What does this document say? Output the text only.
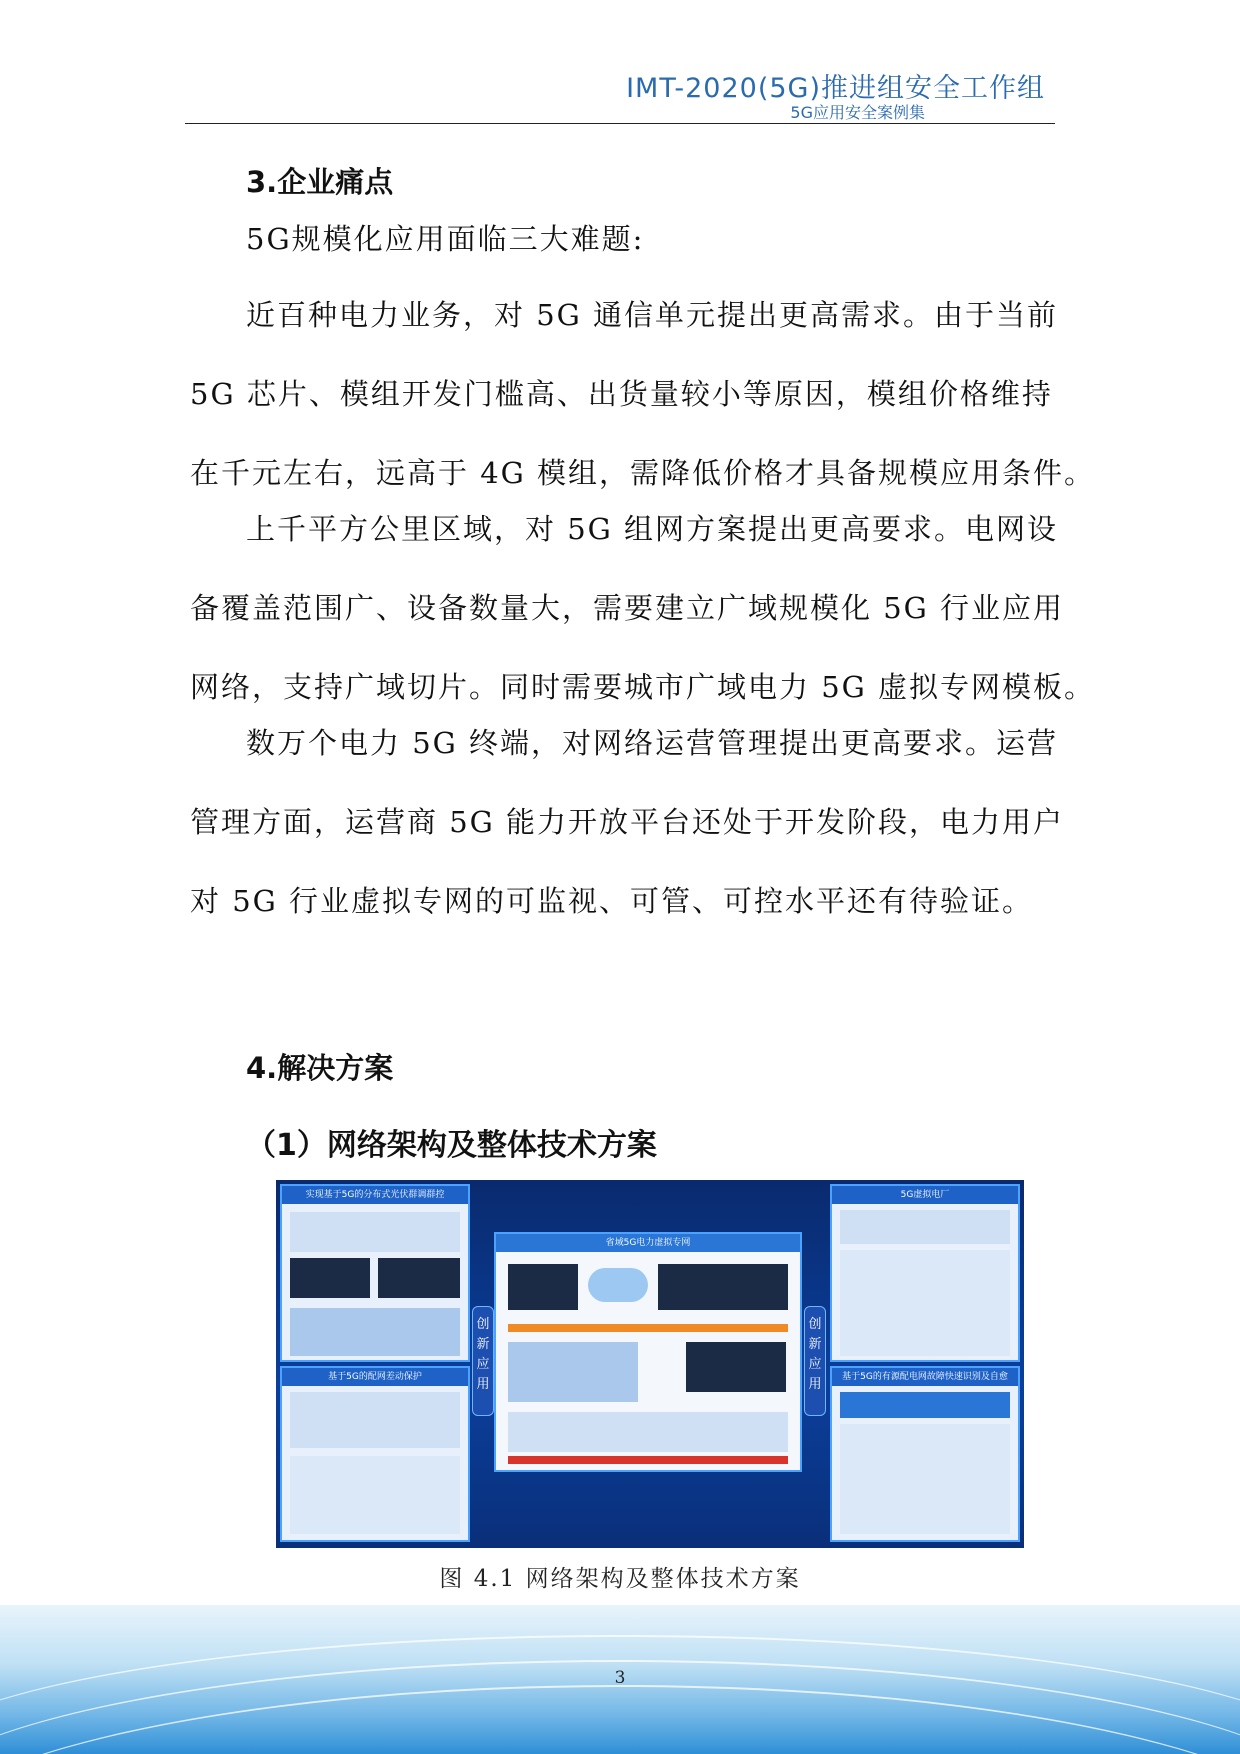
IMT-2020(5G)推进组安全工作组
5G应用安全案例集
3.企业痛点
5G规模化应用面临三大难题:
近百种电力业务，对 5G 通信单元提出更高需求。由于当前
5G 芯片、模组开发门槛高、出货量较小等原因，模组价格维持
在千元左右，远高于 4G 模组，需降低价格才具备规模应用条件。
上千平方公里区域，对 5G 组网方案提出更高要求。电网设
备覆盖范围广、设备数量大，需要建立广域规模化 5G 行业应用
网络，支持广域切片。同时需要城市广域电力 5G 虚拟专网模板。
数万个电力 5G 终端，对网络运营管理提出更高要求。运营
管理方面，运营商 5G 能力开放平台还处于开发阶段，电力用户
对 5G 行业虚拟专网的可监视、可管、可控水平还有待验证。
4.解决方案
（1）网络架构及整体技术方案
实现基于5G的分布式光伏群调群控
基于5G的配网差动保护
创新应用
省域5G电力虚拟专网
创新应用
5G虚拟电厂
基于5G的有源配电网故障快速识别及自愈
图 4.1 网络架构及整体技术方案
3
